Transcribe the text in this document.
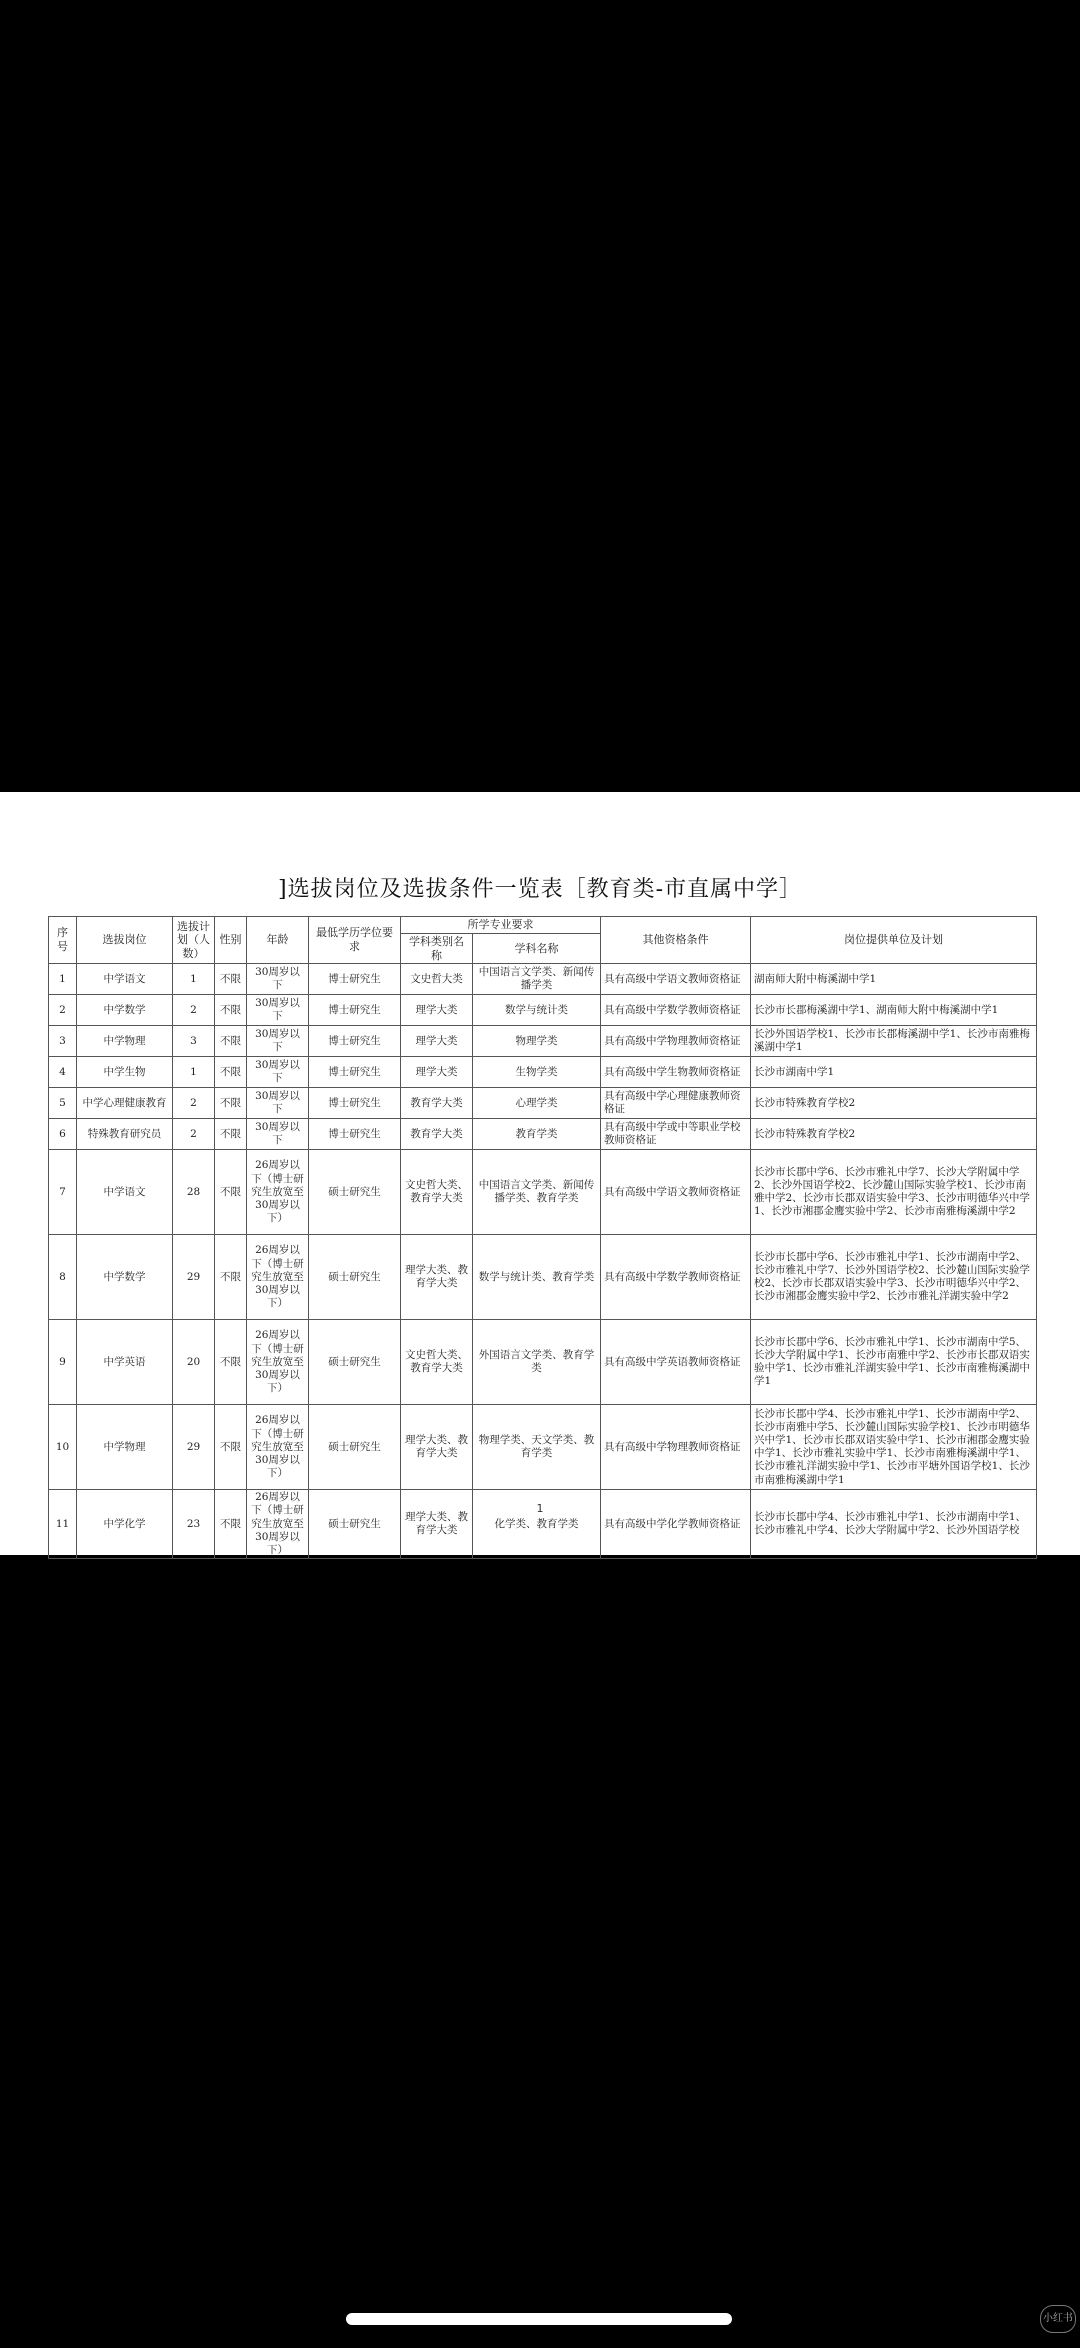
]选拔岗位及选拔条件一览表［教育类-市直属中学］
序号	选拔岗位	选拔计划（人数）	性别	年龄	最低学历学位要求	所学专业要求		其他资格条件	岗位提供单位及计划
						学科类别名称	学科名称		
1	中学语文	1	不限	30周岁以下	博士研究生	文史哲大类	中国语言文学类、新闻传播学类	具有高级中学语文教师资格证	湖南师大附中梅溪湖中学1
2	中学数学	2	不限	30周岁以下	博士研究生	理学大类	数学与统计类	具有高级中学数学教师资格证	长沙市长郡梅溪湖中学1、湖南师大附中梅溪湖中学1
3	中学物理	3	不限	30周岁以下	博士研究生	理学大类	物理学类	具有高级中学物理教师资格证	长沙外国语学校1、长沙市长郡梅溪湖中学1、长沙市南雅梅溪湖中学1
4	中学生物	1	不限	30周岁以下	博士研究生	理学大类	生物学类	具有高级中学生物教师资格证	长沙市湖南中学1
5	中学心理健康教育	2	不限	30周岁以下	博士研究生	教育学大类	心理学类	具有高级中学心理健康教师资格证	长沙市特殊教育学校2
6	特殊教育研究员	2	不限	30周岁以下	博士研究生	教育学大类	教育学类	具有高级中学或中等职业学校教师资格证	长沙市特殊教育学校2
7	中学语文	28	不限	26周岁以下（博士研究生放宽至30周岁以下）	硕士研究生	文史哲大类、教育学大类	中国语言文学类、新闻传播学类、教育学类	具有高级中学语文教师资格证	长沙市长郡中学6、长沙市雅礼中学7、长沙大学附属中学2、长沙外国语学校2、长沙麓山国际实验学校1、长沙市南雅中学2、长沙市长郡双语实验中学3、长沙市明德华兴中学1、长沙市湘郡金鹰实验中学2、长沙市南雅梅溪湖中学2
8	中学数学	29	不限	26周岁以下（博士研究生放宽至30周岁以下）	硕士研究生	理学大类、教育学大类	数学与统计类、教育学类	具有高级中学数学教师资格证	长沙市长郡中学6、长沙市雅礼中学1、长沙市湖南中学2、长沙市雅礼中学7、长沙外国语学校2、长沙麓山国际实验学校2、长沙市长郡双语实验中学3、长沙市明德华兴中学2、长沙市湘郡金鹰实验中学2、长沙市雅礼洋湖实验中学2
9	中学英语	20	不限	26周岁以下（博士研究生放宽至30周岁以下）	硕士研究生	文史哲大类、教育学大类	外国语言文学类、教育学类	具有高级中学英语教师资格证	长沙市长郡中学6、长沙市雅礼中学1、长沙市湖南中学5、长沙大学附属中学1、长沙市南雅中学2、长沙市长郡双语实验中学1、长沙市雅礼洋湖实验中学1、长沙市南雅梅溪湖中学1
10	中学物理	29	不限	26周岁以下（博士研究生放宽至30周岁以下）	硕士研究生	理学大类、教育学大类	物理学类、天文学类、教育学类	具有高级中学物理教师资格证	长沙市长郡中学4、长沙市雅礼中学1、长沙市湖南中学2、长沙市南雅中学5、长沙麓山国际实验学校1、长沙市明德华兴中学1、长沙市长郡双语实验中学1、长沙市湘郡金鹰实验中学1、长沙市雅礼实验中学1、长沙市南雅梅溪湖中学1、长沙市雅礼洋湖实验中学1、长沙市平塘外国语学校1、长沙市南雅梅溪湖中学1
11	中学化学	23	不限	26周岁以下（博士研究生放宽至30周岁以下）	硕士研究生	理学大类、教育学大类	化学类、教育学类	具有高级中学化学教师资格证	长沙市长郡中学4、长沙市雅礼中学1、长沙市湖南中学1、长沙市雅礼中学4、长沙大学附属中学2、长沙外国语学校
1
小红书
